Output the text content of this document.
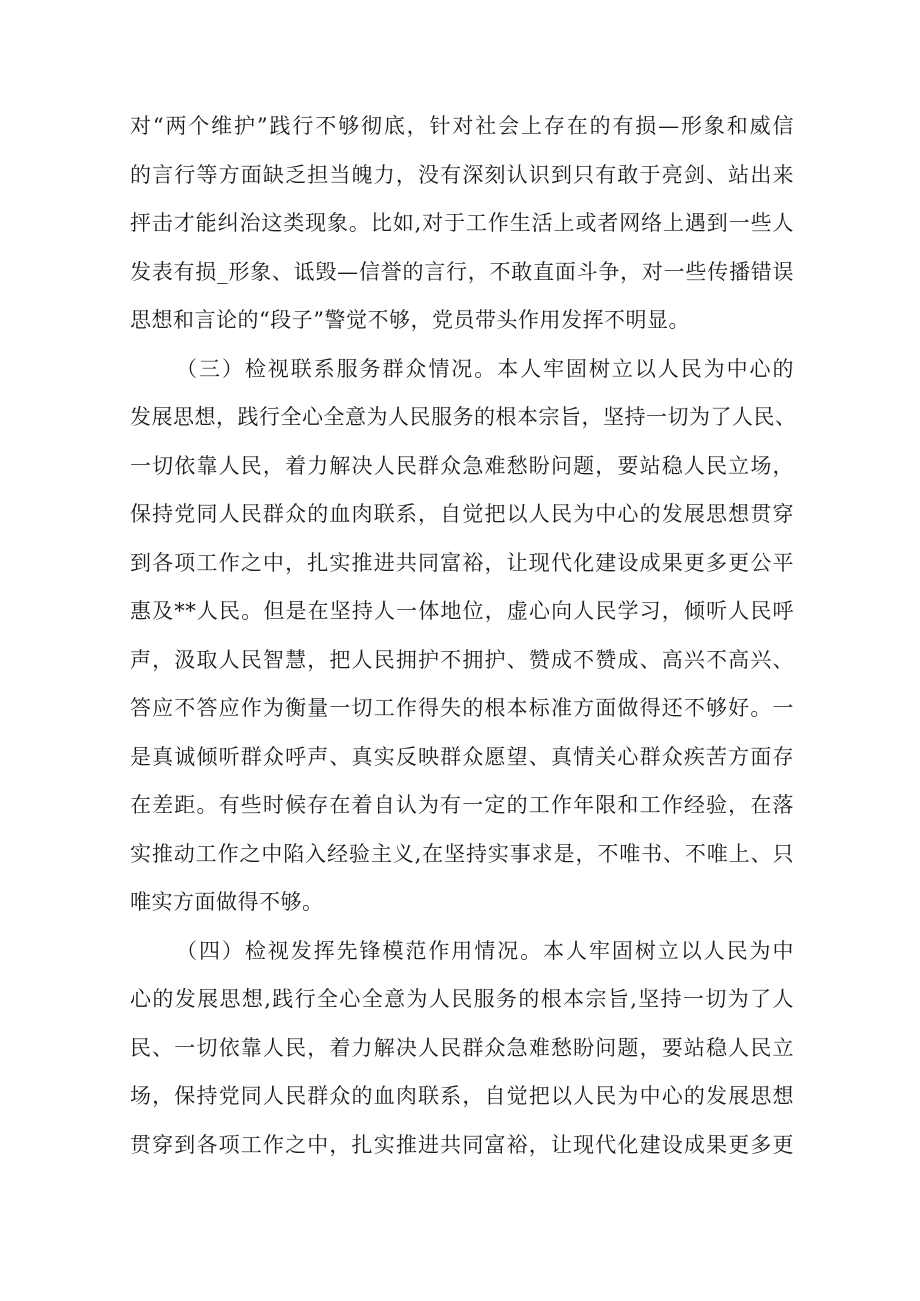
对“两个维护”践行不够彻底，针对社会上存在的有损—形象和威信
的言行等方面缺乏担当魄力，没有深刻认识到只有敢于亮剑、站出来
抨击才能纠治这类现象。比如,对于工作生活上或者网络上遇到一些人
发表有损_形象、诋毁—信誉的言行，不敢直面斗争，对一些传播错误
思想和言论的“段子”警觉不够，党员带头作用发挥不明显。
（三）检视联系服务群众情况。本人牢固树立以人民为中心的
发展思想，践行全心全意为人民服务的根本宗旨，坚持一切为了人民、
一切依靠人民，着力解决人民群众急难愁盼问题，要站稳人民立场，
保持党同人民群众的血肉联系，自觉把以人民为中心的发展思想贯穿
到各项工作之中，扎实推进共同富裕，让现代化建设成果更多更公平
惠及**人民。但是在坚持人一体地位，虚心向人民学习，倾听人民呼
声，汲取人民智慧，把人民拥护不拥护、赞成不赞成、高兴不高兴、
答应不答应作为衡量一切工作得失的根本标准方面做得还不够好。一
是真诚倾听群众呼声、真实反映群众愿望、真情关心群众疾苦方面存
在差距。有些时候存在着自认为有一定的工作年限和工作经验，在落
实推动工作之中陷入经验主义,在坚持实事求是，不唯书、不唯上、只
唯实方面做得不够。
（四）检视发挥先锋模范作用情况。本人牢固树立以人民为中
心的发展思想,践行全心全意为人民服务的根本宗旨,坚持一切为了人
民、一切依靠人民，着力解决人民群众急难愁盼问题，要站稳人民立
场，保持党同人民群众的血肉联系，自觉把以人民为中心的发展思想
贯穿到各项工作之中，扎实推进共同富裕，让现代化建设成果更多更
